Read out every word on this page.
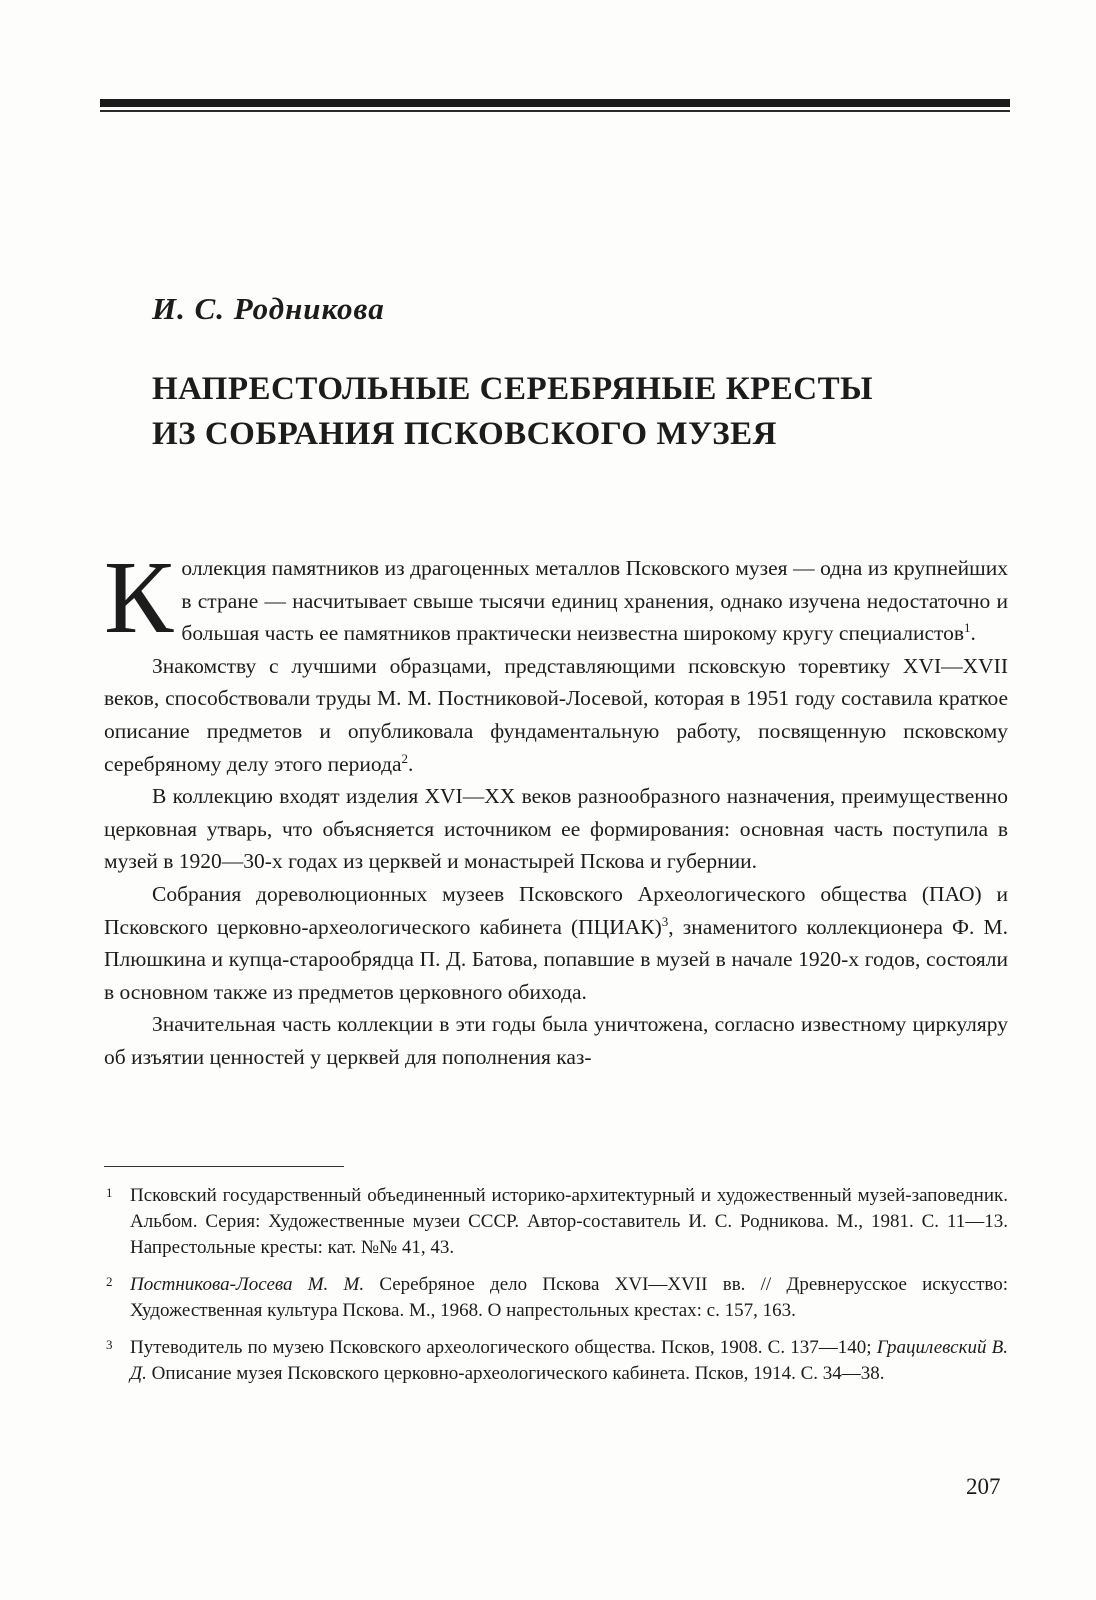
И. С. Родникова
НАПРЕСТОЛЬНЫЕ СЕРЕБРЯНЫЕ КРЕСТЫ
ИЗ СОБРАНИЯ ПСКОВСКОГО МУЗЕЯ

Коллекция памятников из драгоценных металлов Псковского музея — одна из крупнейших в стране — насчитывает свыше тысячи единиц хранения, однако изучена недостаточно и большая часть ее памятников практически неизвестна широкому кругу специалистов$^1$.

Знакомству с лучшими образцами, представляющими псковскую торевтику XVI—XVII веков, способствовали труды М. М. Постниковой-Лосевой, которая в 1951 году составила краткое описание предметов и опубликовала фундаментальную работу, посвященную псковскому серебряному делу этого периода$^2$.

В коллекцию входят изделия XVI—XX веков разнообразного назначения, преимущественно церковная утварь, что объясняется источником ее формирования: основная часть поступила в музей в 1920—30-х годах из церквей и монастырей Пскова и губернии.

Собрания дореволюционных музеев Псковского Археологического общества (ПАО) и Псковского церковно-археологического кабинета (ПЦИАК)$^3$, знаменитого коллекционера Ф. М. Плюшкина и купца-старообрядца П. Д. Батова, попавшие в музей в начале 1920-х годов, состояли в основном также из предметов церковного обихода.

Значительная часть коллекции в эти годы была уничтожена, согласно известному циркуляру об изъятии ценностей у церквей для пополнения каз-

1 Псковский государственный объединенный историко-архитектурный и художественный музей-заповедник. Альбом. Серия: Художественные музеи СССР. Автор-составитель И. С. Родникова. М., 1981. С. 11—13. Напрестольные кресты: кат. №№ 41, 43.
2 Постникова-Лосева М. М. Серебряное дело Пскова XVI—XVII вв. // Древнерусское искусство: Художественная культура Пскова. М., 1968. О напрестольных крестах: с. 157, 163.
3 Путеводитель по музею Псковского археологического общества. Псков, 1908. С. 137—140; Грацилевский В. Д. Описание музея Псковского церковно-археологического кабинета. Псков, 1914. С. 34—38.
207
